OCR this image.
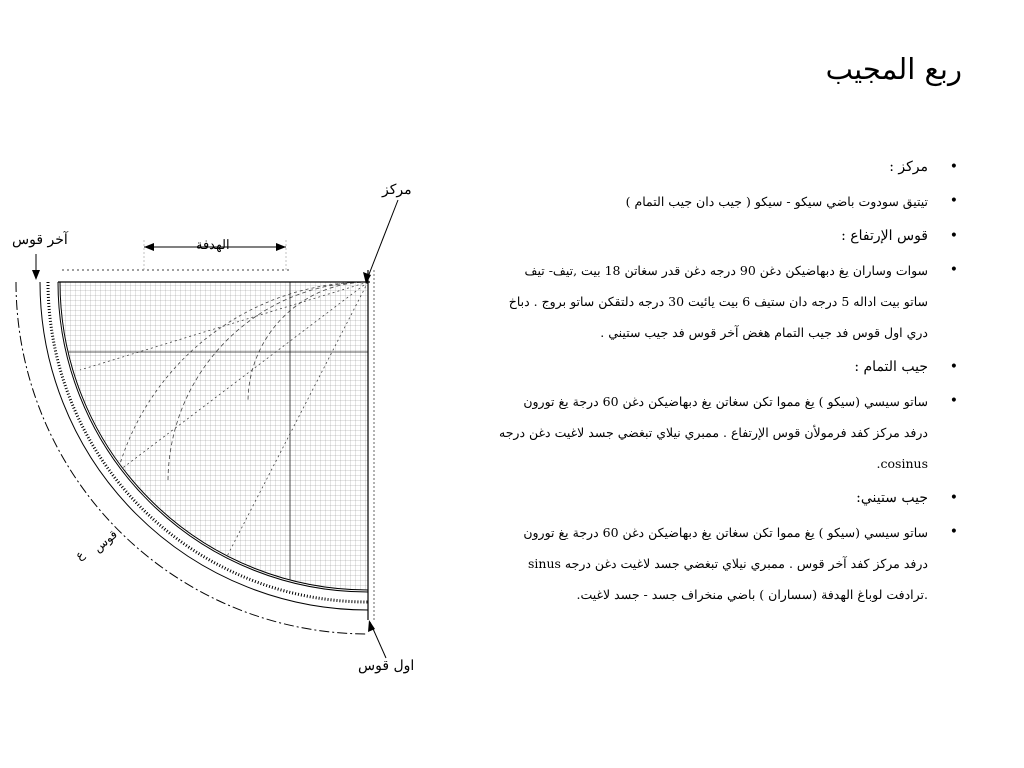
ربع المجيب
• مركز :
• تيتيق سودوت باضي سيكو - سيكو ( جيب دان جيب التمام )
• قوس الإرتفاع :
• سوات وساران يغ دبهاضيكن دغن 90 درجه دغن قدر سغاتن 18 بيت ,تيف- تيف ساتو بيت اداله 5 درجه دان ستيف 6 بيت يائيت 30 درجه دلتقكن ساتو بروج . دباخ دري اول قوس فد جيب التمام هغض آخر قوس فد جيب ستيني .
• جيب التمام :
• ساتو سيسي (سيكو ) يغ مموا تكن سغاتن يغ دبهاضيكن دغن 60 درجة يغ تورون درفد مركز كفد فرمولأن قوس الإرتفاع . ممبري نيلاي تبغضي جسد لاغيت دغن درجه cosinus.
• جيب ستيني:
• ساتو سيسي (سيكو ) يغ مموا تكن سغاتن يغ دبهاضيكن دغن 60 درجة يغ تورون درفد مركز كفد آخر قوس . ممبري نيلاي تبغضي جسد لاغيت دغن درجه sinus .ترادفت لوباغ الهدفة (سساران ) باضي منخراف جسد - جسد لاغيت.
مركز
آخر قوس	الهدفة
اول قوس
قوس
ع
